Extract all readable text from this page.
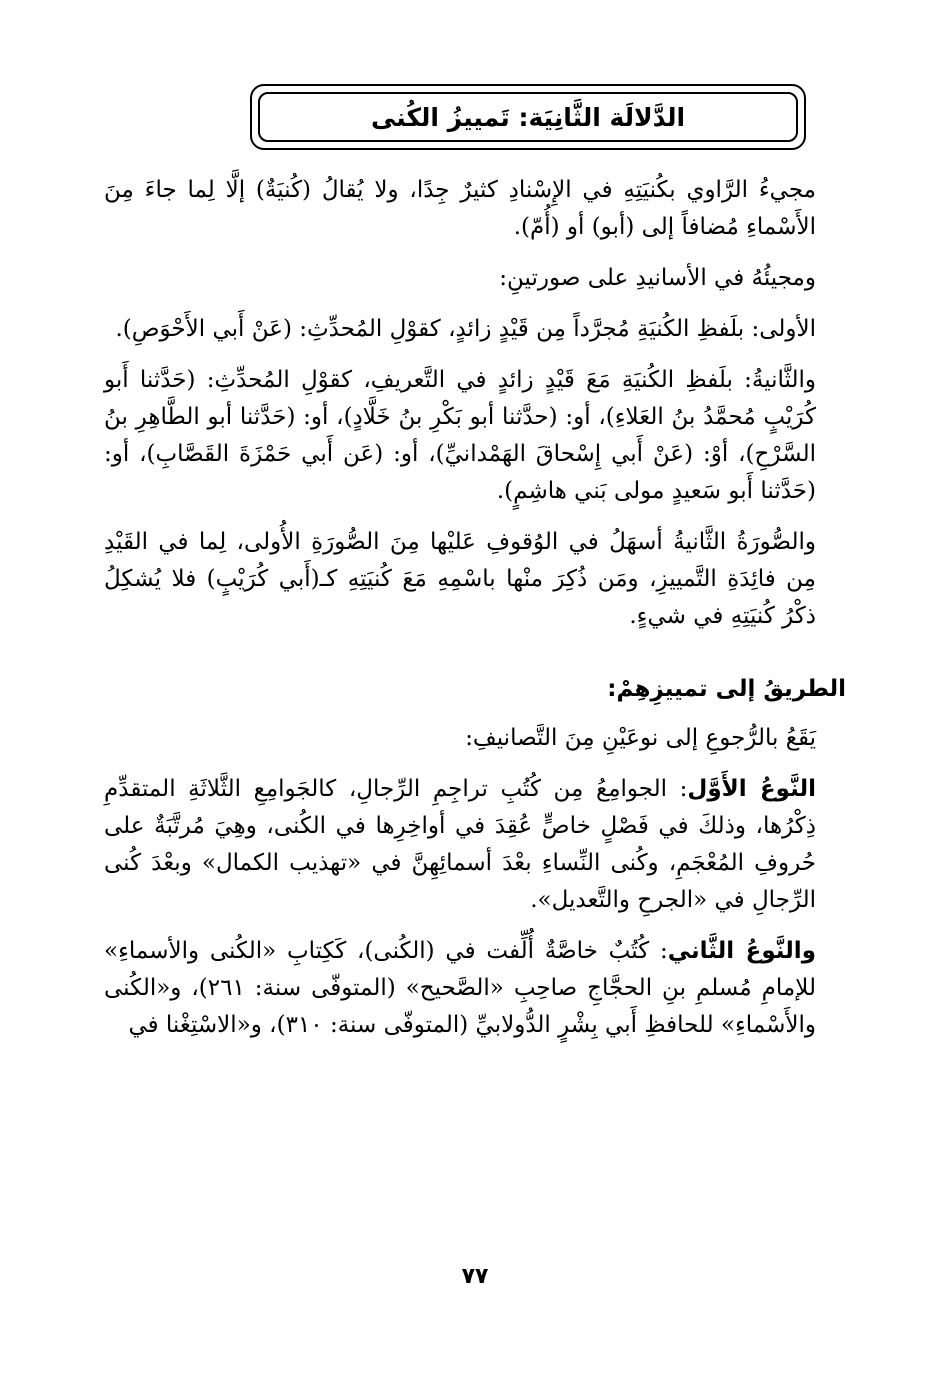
الدَّلالَة الثَّانِيَة: تَمييزُ الكُنى

مجيءُ الرَّاوي بكُنيَتِهِ في الإِسْنادِ كثيرٌ جِدًا، ولا يُقالُ (كُنيَةٌ) إلَّا لِما جاءَ مِنَ الأَسْماءِ مُضافاً إلى (أبو) أو (أُمّ).

ومجيئُهُ في الأسانيدِ على صورتينِ:

الأولى: بلَفظِ الكُنيَةِ مُجرَّداً مِن قَيْدٍ زائدٍ، كقوْلِ المُحدِّثِ: (عَنْ أَبي الأَحْوَصِ).

والثَّانيةُ: بلَفظِ الكُنيَةِ مَعَ قَيْدٍ زائدٍ في التَّعريفِ، كقوْلِ المُحدِّثِ: (حَدَّثنا أَبو كُرَيْبٍ مُحمَّدُ بنُ العَلاءِ)، أو: (حدَّثنا أبو بَكْرِ بنُ خَلَّادٍ)، أو: (حَدَّثنا أبو الطَّاهِرِ بنُ السَّرْحِ)، أوْ: (عَنْ أَبي إِسْحاقَ الهَمْدانيِّ)، أو: (عَن أَبي حَمْزَةَ القَصَّابِ)، أو: (حَدَّثنا أَبو سَعيدٍ مولى بَني هاشِمٍ).

والصُّورَةُ الثَّانيةُ أسهَلُ في الوُقوفِ عَليْها مِنَ الصُّورَةِ الأُولى، لِما في القَيْدِ مِن فائِدَةِ التَّمييزِ، ومَن ذُكِرَ منْها باسْمِهِ مَعَ كُنيَتِهِ كـ(أَبي كُرَيْبٍ) فلا يُشكِلُ ذكْرُ كُنيَتِهِ في شيءٍ.

الطريقُ إلى تمييزِهِمْ:

يَقَعُ بالرُّجوعِ إلى نوعَيْنِ مِنَ التَّصانيفِ:

النَّوعُ الأَوَّل: الجوامِعُ مِن كُتُبِ تراجِمِ الرِّجالِ، كالجَوامِعِ الثَّلاثَةِ المتقدِّمِ ذِكْرُها، وذلكَ في فَصْلٍ خاصٍّ عُقِدَ في أواخِرِها في الكُنى، وهِيَ مُرتَّبَةٌ على حُروفِ المُعْجَمِ، وكُنى النِّساءِ بعْدَ أسمائِهِنَّ في «تهذيب الكمال» وبعْدَ كُنى الرِّجالِ في «الجرحِ والتَّعديل».

والنَّوعُ الثَّاني: كُتُبٌ خاصَّةٌ أُلِّفت في (الكُنى)، كَكِتابِ «الكُنى والأسماءِ» للإمامِ مُسلمِ بنِ الحجَّاجِ صاحِبِ «الصَّحيح» (المتوفّى سنة: ٢٦١)، و«الكُنى والأَسْماءِ» للحافظِ أَبي بِشْرٍ الدُّولابيِّ (المتوفّى سنة: ٣١٠)، و«الاسْتِغْنا في

٧٧
